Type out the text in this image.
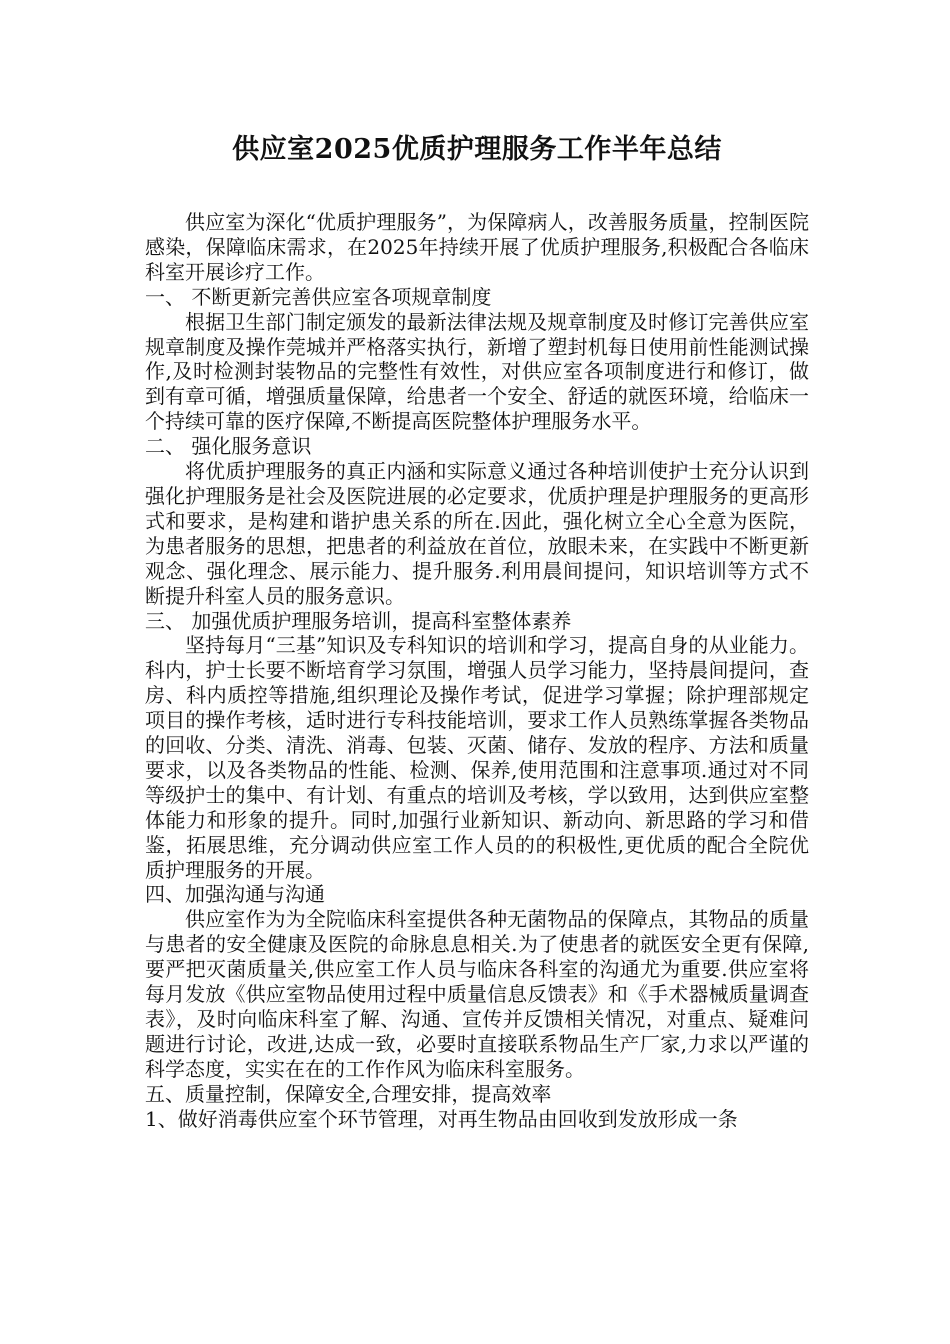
供应室2025优质护理服务工作半年总结

供应室为深化“优质护理服务”，为保障病人，改善服务质量，控制医院感染，保障临床需求，在2025年持续开展了优质护理服务,积极配合各临床科室开展诊疗工作。

一、 不断更新完善供应室各项规章制度

根据卫生部门制定颁发的最新法律法规及规章制度及时修订完善供应室规章制度及操作莞城并严格落实执行，新增了塑封机每日使用前性能测试操作,及时检测封装物品的完整性有效性，对供应室各项制度进行和修订，做到有章可循，增强质量保障，给患者一个安全、舒适的就医环境，给临床一个持续可靠的医疗保障,不断提高医院整体护理服务水平。

二、 强化服务意识

将优质护理服务的真正内涵和实际意义通过各种培训使护士充分认识到强化护理服务是社会及医院进展的必定要求，优质护理是护理服务的更高形式和要求，是构建和谐护患关系的所在.因此，强化树立全心全意为医院，为患者服务的思想，把患者的利益放在首位，放眼未来，在实践中不断更新观念、强化理念、展示能力、提升服务.利用晨间提问，知识培训等方式不断提升科室人员的服务意识。

三、 加强优质护理服务培训，提高科室整体素养

坚持每月“三基”知识及专科知识的培训和学习，提高自身的从业能力。科内，护士长要不断培育学习氛围，增强人员学习能力，坚持晨间提问，查房、科内质控等措施,组织理论及操作考试，促进学习掌握；除护理部规定项目的操作考核，适时进行专科技能培训，要求工作人员熟练掌握各类物品的回收、分类、清洗、消毒、包装、灭菌、储存、发放的程序、方法和质量要求，以及各类物品的性能、检测、保养,使用范围和注意事项.通过对不同等级护士的集中、有计划、有重点的培训及考核，学以致用，达到供应室整体能力和形象的提升。同时,加强行业新知识、新动向、新思路的学习和借鉴，拓展思维，充分调动供应室工作人员的的积极性,更优质的配合全院优质护理服务的开展。

四、加强沟通与沟通

供应室作为为全院临床科室提供各种无菌物品的保障点，其物品的质量与患者的安全健康及医院的命脉息息相关.为了使患者的就医安全更有保障,要严把灭菌质量关,供应室工作人员与临床各科室的沟通尤为重要.供应室将每月发放《供应室物品使用过程中质量信息反馈表》和《手术器械质量调查表》，及时向临床科室了解、沟通、宣传并反馈相关情况，对重点、疑难问题进行讨论，改进,达成一致，必要时直接联系物品生产厂家,力求以严谨的科学态度，实实在在的工作作风为临床科室服务。

五、质量控制，保障安全,合理安排，提高效率

1、做好消毒供应室个环节管理，对再生物品由回收到发放形成一条
